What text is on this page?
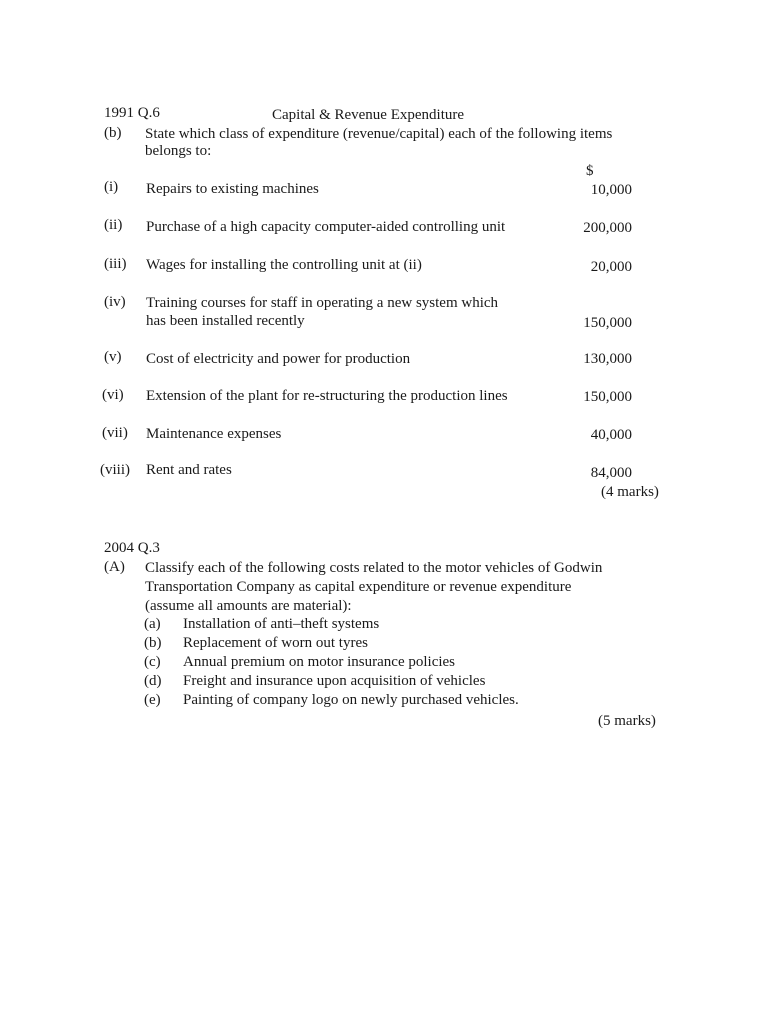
1991 Q.6	Capital & Revenue Expenditure
(b) State which class of expenditure (revenue/capital) each of the following items
belongs to:
$
(i) Repairs to existing machines	10,000
(ii) Purchase of a high capacity computer-aided controlling unit	200,000
(iii) Wages for installing the controlling unit at (ii)	20,000
(iv) Training courses for staff in operating a new system which
has been installed recently	150,000
(v) Cost of electricity and power for production	130,000
(vi) Extension of the plant for re-structuring the production lines	150,000
(vii) Maintenance expenses	40,000
(viii) Rent and rates	84,000
(4 marks)
2004 Q.3
(A) Classify each of the following costs related to the motor vehicles of Godwin
Transportation Company as capital expenditure or revenue expenditure
(assume all amounts are material):
(a) Installation of anti–theft systems
(b) Replacement of worn out tyres
(c) Annual premium on motor insurance policies
(d) Freight and insurance upon acquisition of vehicles
(e) Painting of company logo on newly purchased vehicles.
(5 marks)
